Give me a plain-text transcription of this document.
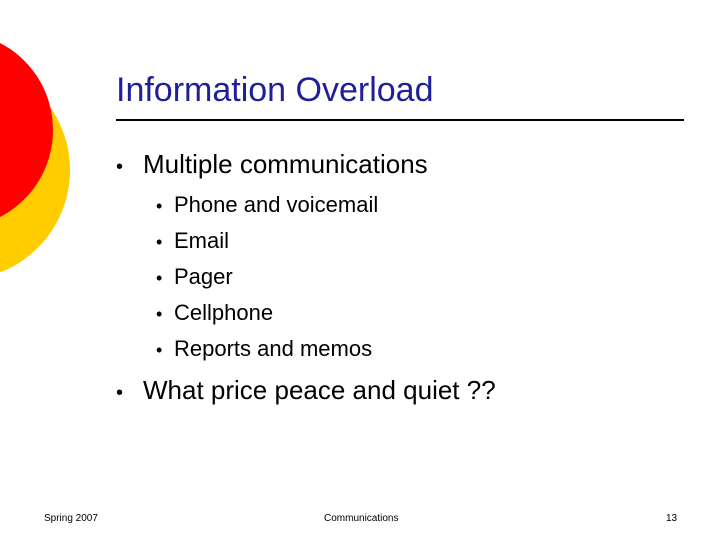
Information Overload
• Multiple communications
• Phone and voicemail
• Email
• Pager
• Cellphone
• Reports and memos
• What price peace and quiet ??
Spring 2007	Communications	13
